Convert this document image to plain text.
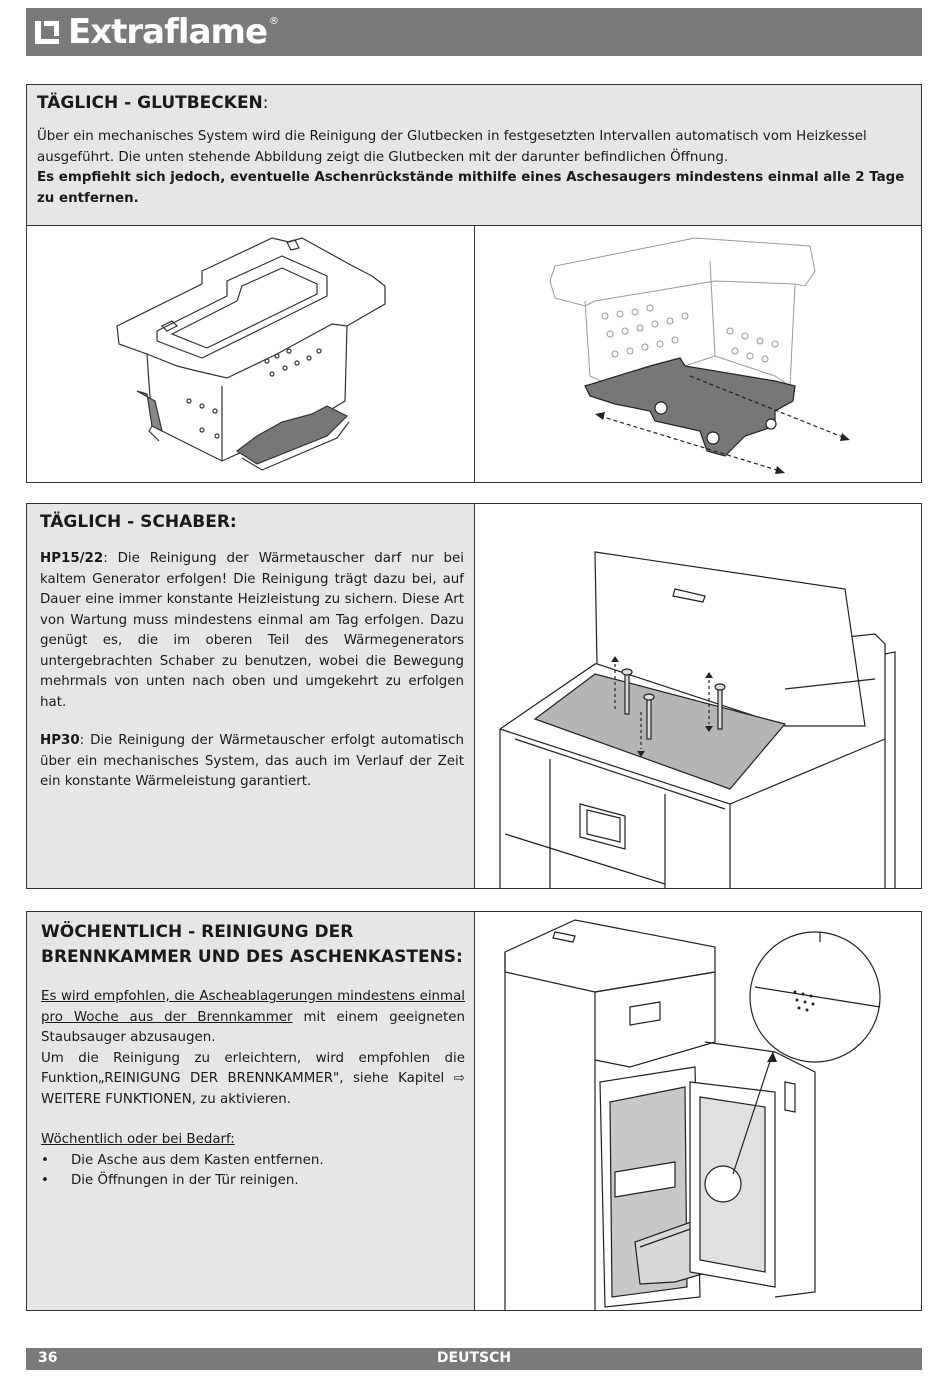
Extraflame ®
TÄGLICH - GLUTBECKEN:

Über ein mechanisches System wird die Reinigung der Glutbecken in festgesetzten Intervallen automatisch vom Heizkessel ausgeführt. Die unten stehende Abbildung zeigt die Glutbecken mit der darunter befindlichen Öffnung.

Es empfiehlt sich jedoch, eventuelle Aschenrückstände mithilfe eines Aschesaugers mindestens einmal alle 2 Tage zu entfernen.

TÄGLICH - SCHABER:

HP15/22: Die Reinigung der Wärmetauscher darf nur bei kaltem Generator erfolgen! Die Reinigung trägt dazu bei, auf Dauer eine immer konstante Heizleistung zu sichern. Diese Art von Wartung muss mindestens einmal am Tag erfolgen. Dazu genügt es, die im oberen Teil des Wärmegenerators untergebrachten Schaber zu benutzen, wobei die Bewegung mehrmals von unten nach oben und umgekehrt zu erfolgen hat.

HP30: Die Reinigung der Wärmetauscher erfolgt automatisch über ein mechanisches System, das auch im Verlauf der Zeit ein konstante Wärmeleistung garantiert.

WÖCHENTLICH - REINIGUNG DER
BRENNKAMMER UND DES ASCHENKASTENS:

Es wird empfohlen, die Ascheablagerungen mindestens einmal pro Woche aus der Brennkammer mit einem geeigneten Staubsauger abzusaugen.

Um die Reinigung zu erleichtern, wird empfohlen die Funktion„REINIGUNG DER BRENNKAMMER", siehe Kapitel ⇨ WEITERE FUNKTIONEN, zu aktivieren.

Wöchentlich oder bei Bedarf:

• Die Asche aus dem Kasten entfernen.
• Die Öffnungen in der Tür reinigen.
36	DEUTSCH
